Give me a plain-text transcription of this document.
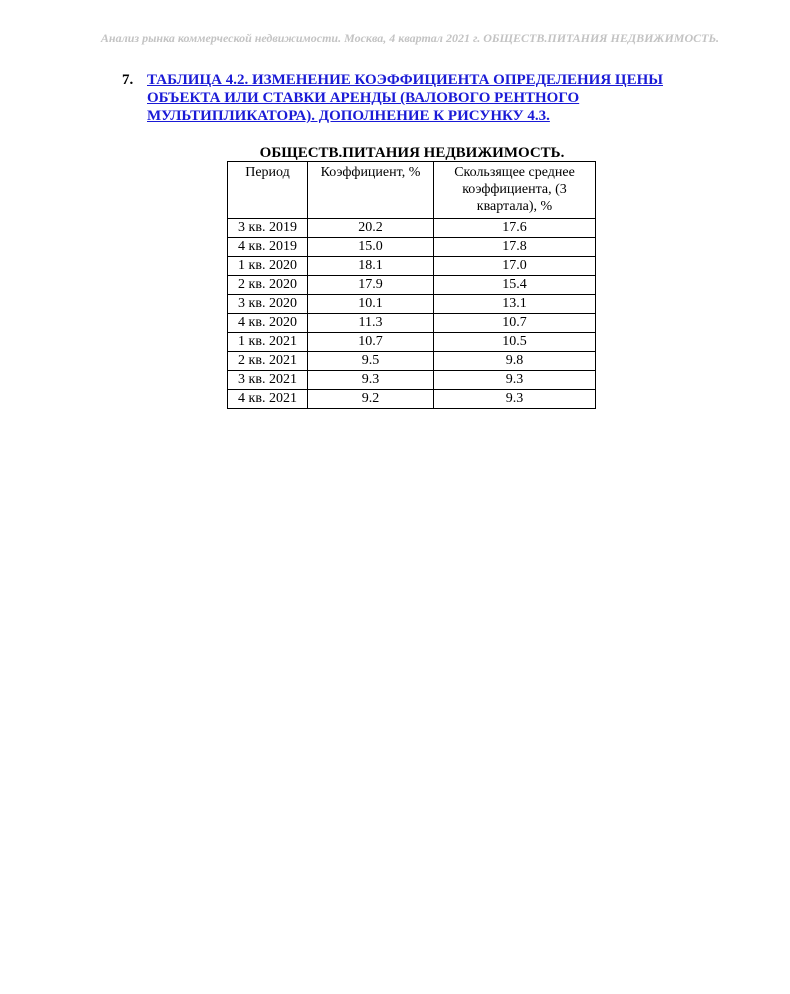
Анализ рынка коммерческой недвижимости. Москва, 4 квартал 2021 г. ОБЩЕСТВ.ПИТАНИЯ НЕДВИЖИМОСТЬ.
7. ТАБЛИЦА 4.2. ИЗМЕНЕНИЕ КОЭФФИЦИЕНТА ОПРЕДЕЛЕНИЯ ЦЕНЫ ОБЪЕКТА ИЛИ СТАВКИ АРЕНДЫ (ВАЛОВОГО РЕНТНОГО МУЛЬТИПЛИКАТОРА). ДОПОЛНЕНИЕ К РИСУНКУ 4.3.
ОБЩЕСТВ.ПИТАНИЯ НЕДВИЖИМОСТЬ.
Период	Коэффициент, %	Скользящее среднее коэффициента, (3 квартала), %
3 кв. 2019	20.2	17.6
4 кв. 2019	15.0	17.8
1 кв. 2020	18.1	17.0
2 кв. 2020	17.9	15.4
3 кв. 2020	10.1	13.1
4 кв. 2020	11.3	10.7
1 кв. 2021	10.7	10.5
2 кв. 2021	9.5	9.8
3 кв. 2021	9.3	9.3
4 кв. 2021	9.2	9.3
